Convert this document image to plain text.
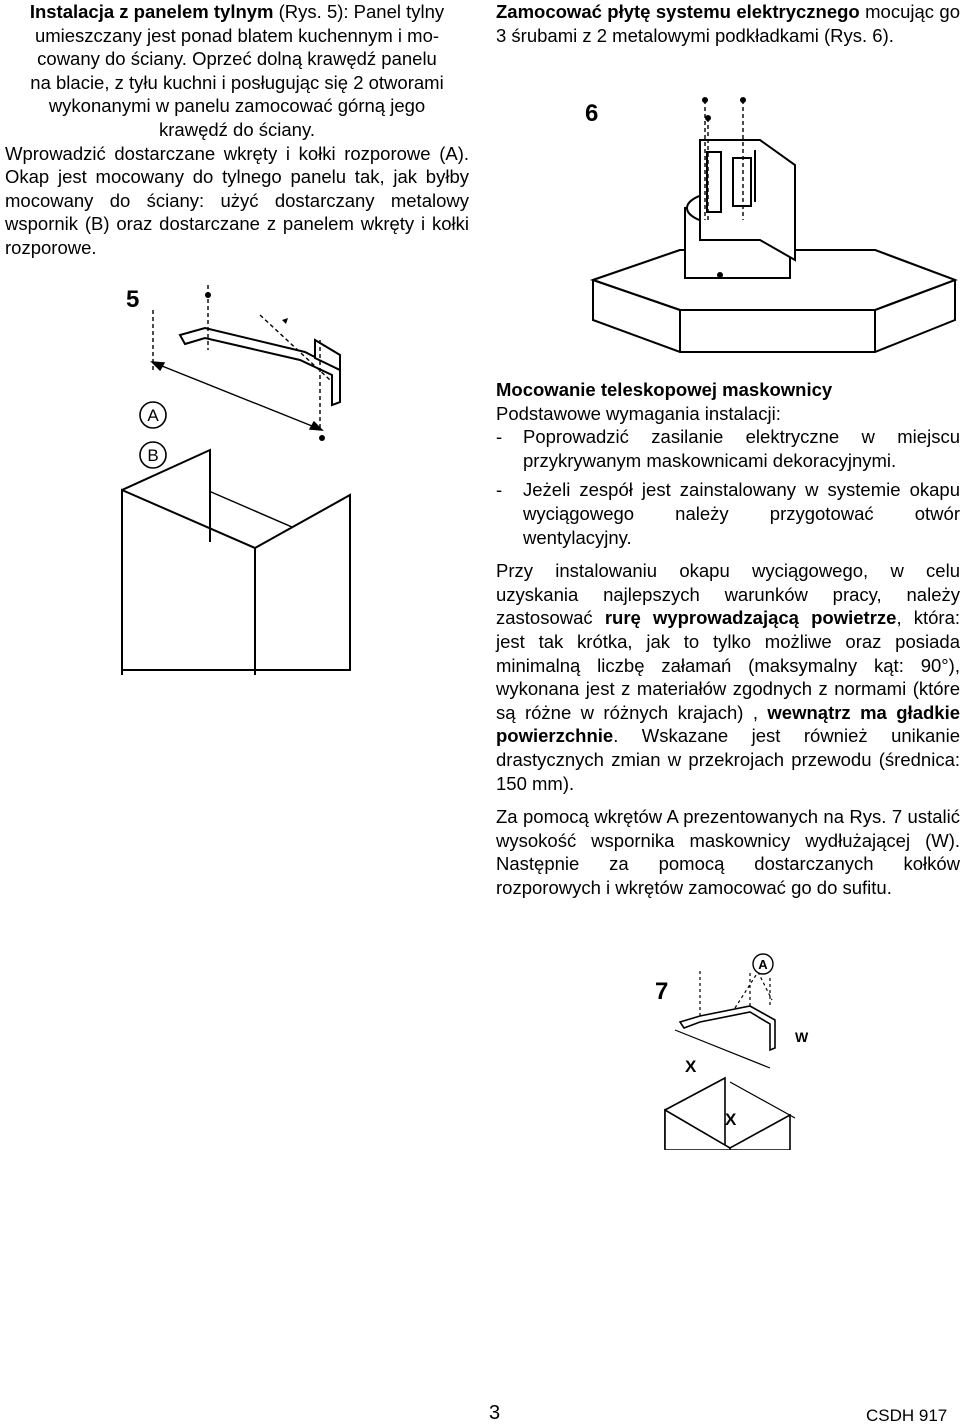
Instalacja z panelem tylnym (Rys. 5): Panel tylny
umieszczany jest ponad blatem kuchennym i mo-
cowany do ściany. Oprzeć dolną krawędź panelu
na blacie, z tyłu kuchni i posługując się 2 otworami
wykonanymi w panelu zamocować górną jego
krawędź do ściany.

Wprowadzić dostarczane wkręty i kołki rozporowe (A). Okap jest mocowany do tylnego panelu tak, jak byłby mocowany do ściany: użyć dostarczany metalowy wspornik (B) oraz dostarczane z panelem wkręty i kołki rozporowe.

Zamocować płytę systemu elektrycznego mocując go 3 śrubami z 2 metalowymi podkładkami (Rys. 6).

6
5
A
B

Mocowanie teleskopowej maskownicy

Podstawowe wymagania instalacji:

- Poprowadzić zasilanie elektryczne w miejscu przykrywanym maskownicami dekoracyjnymi.
- Jeżeli zespół jest zainstalowany w systemie okapu wyciągowego należy przygotować otwór wentylacyjny.

Przy instalowaniu okapu wyciągowego, w celu uzyskania najlepszych warunków pracy, należy zastosować rurę wyprowadzającą powietrze, która: jest tak krótka, jak to tylko możliwe oraz posiada minimalną liczbę załamań (maksymalny kąt: 90°), wykonana jest z materiałów zgodnych z normami (które są różne w różnych krajach) , wewnątrz ma gładkie powierzchnie. Wskazane jest również unikanie drastycznych zmian w przekrojach przewodu (średnica: 150 mm).

Za pomocą wkrętów A prezentowanych na Rys. 7 ustalić wysokość wspornika maskownicy wydłużającej (W). Następnie za pomocą dostarczanych kołków rozporowych i wkrętów zamocować go do sufitu.

7
A
W
X
X
3	CSDH 917
